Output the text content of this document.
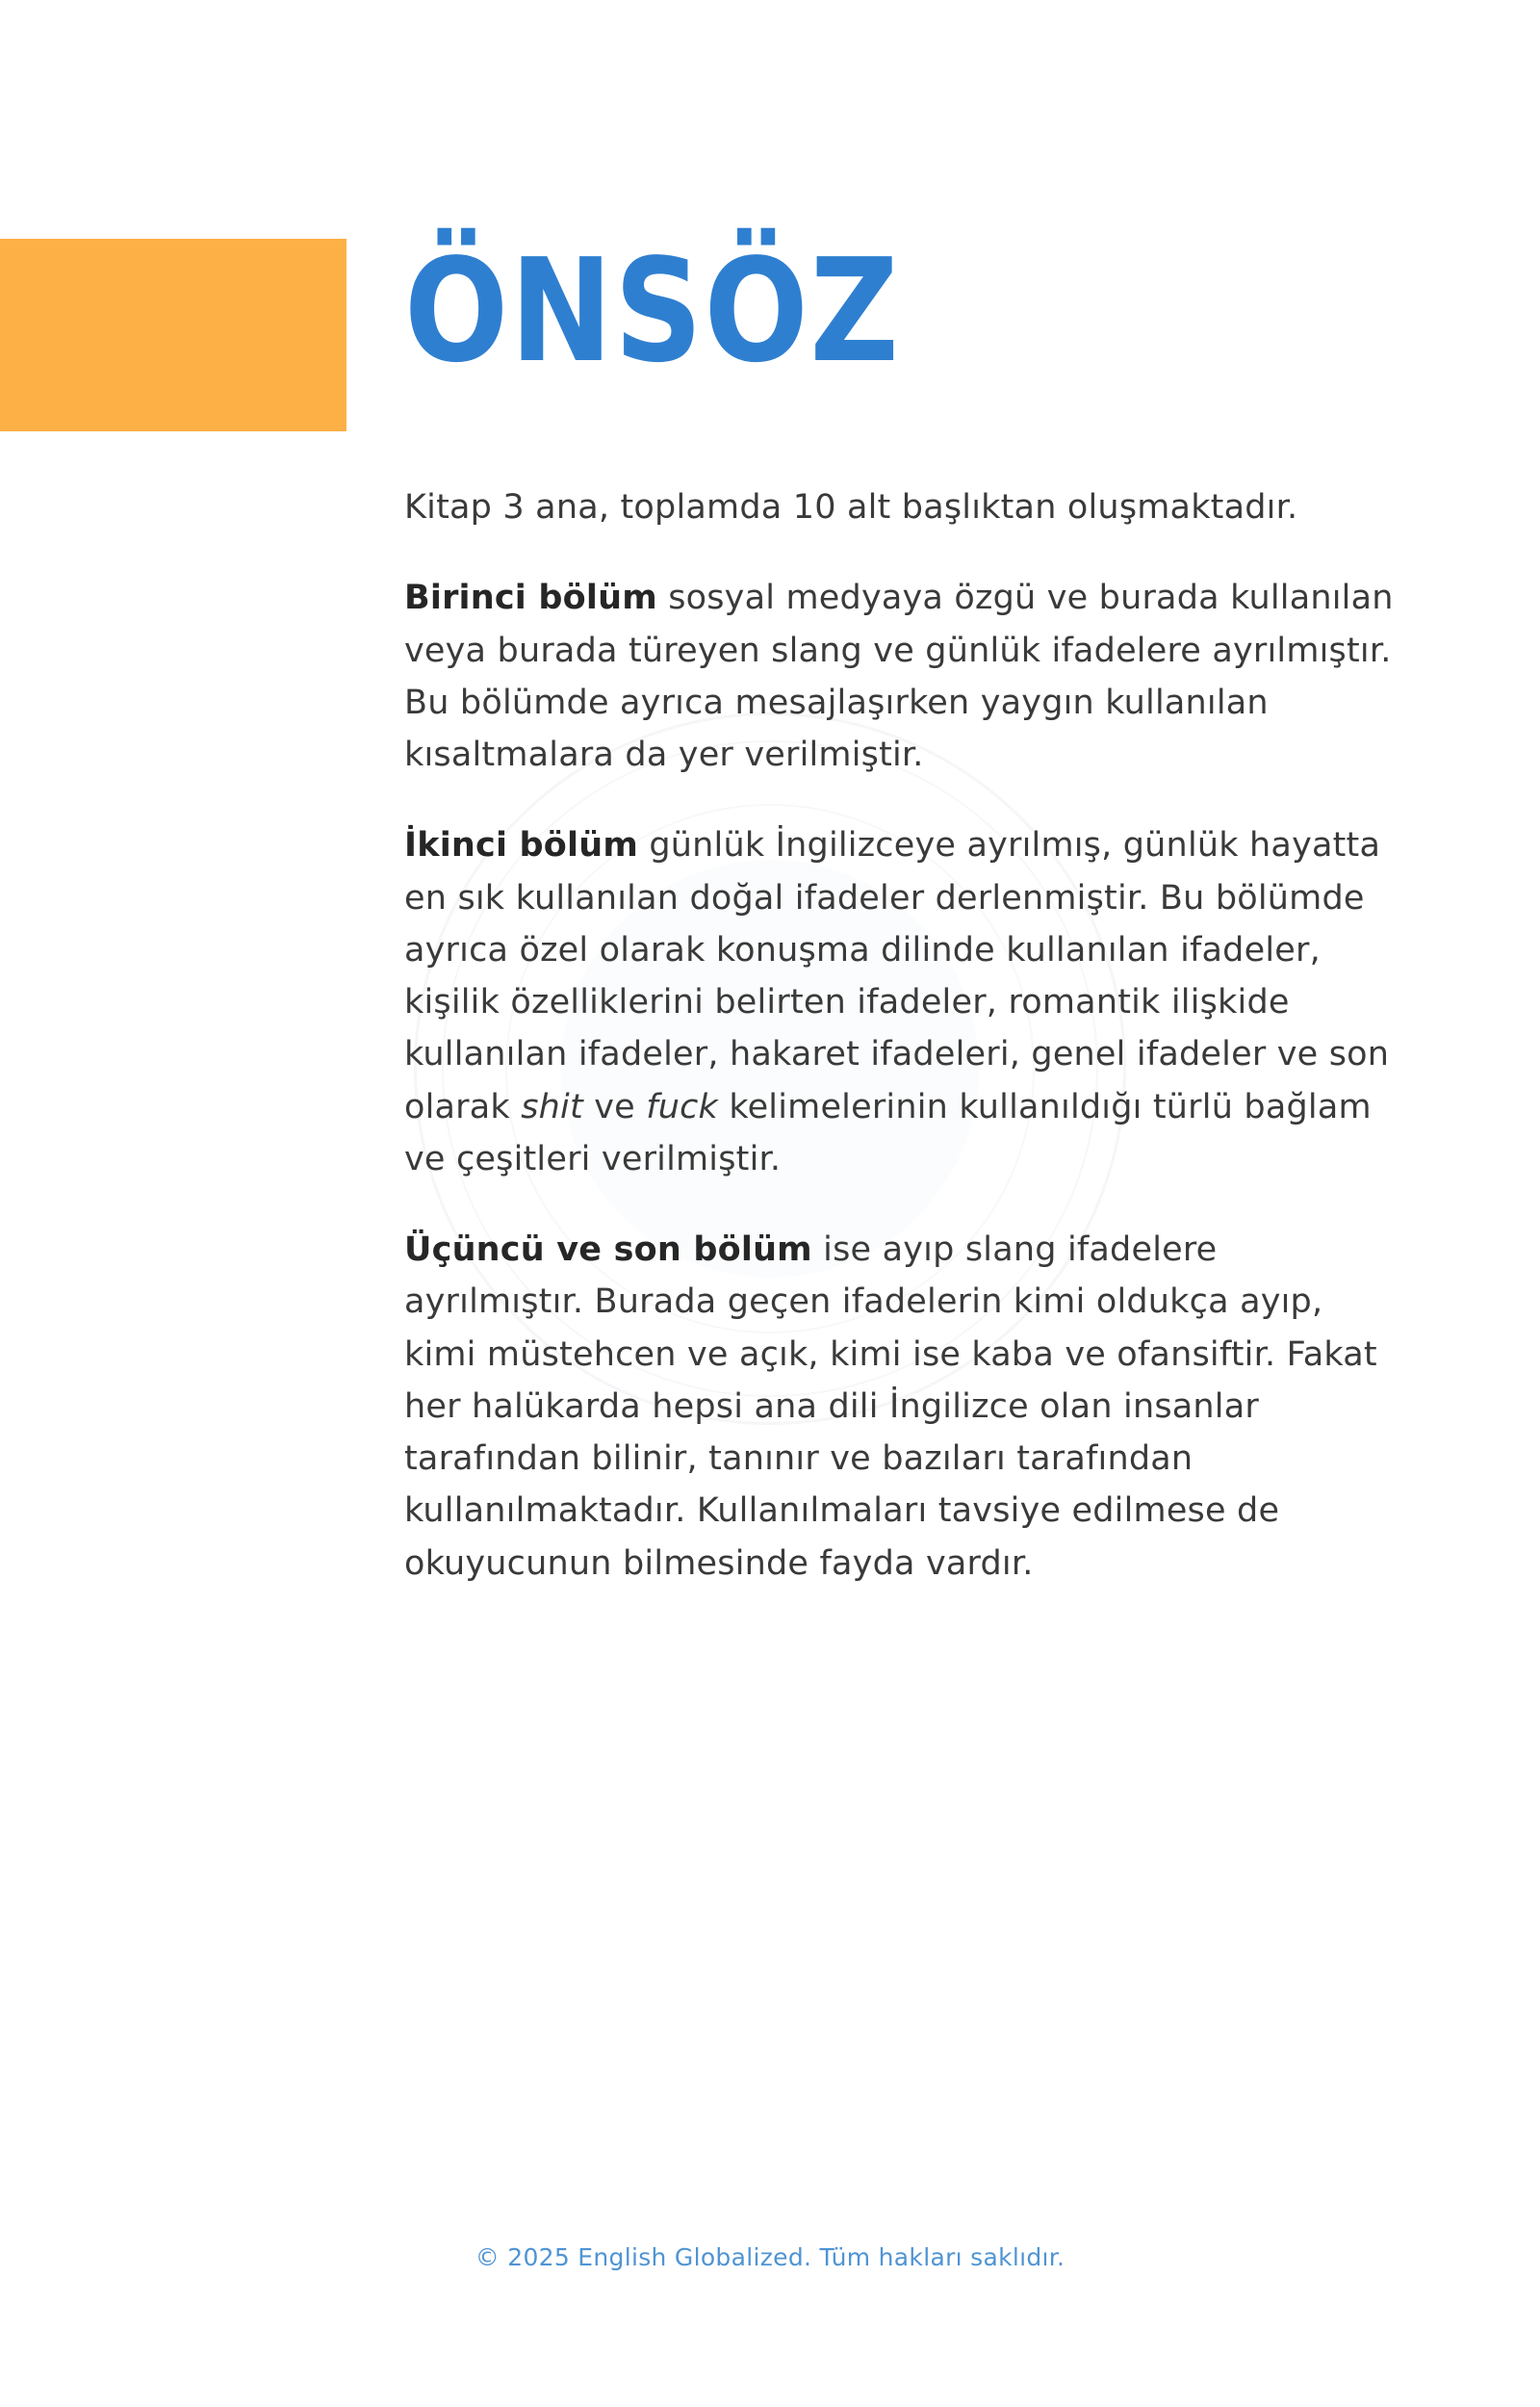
ÖNSÖZ

Kitap 3 ana, toplamda 10 alt başlıktan oluşmaktadır.

Birinci bölüm sosyal medyaya özgü ve burada kullanılan veya burada türeyen slang ve günlük ifadelere ayrılmıştır. Bu bölümde ayrıca mesajlaşırken yaygın kullanılan kısaltmalara da yer verilmiştir.

İkinci bölüm günlük İngilizceye ayrılmış, günlük hayatta en sık kullanılan doğal ifadeler derlenmiştir. Bu bölümde ayrıca özel olarak konuşma dilinde kullanılan ifadeler, kişilik özelliklerini belirten ifadeler, romantik ilişkide kullanılan ifadeler, hakaret ifadeleri, genel ifadeler ve son olarak shit ve fuck kelimelerinin kullanıldığı türlü bağlam ve çeşitleri verilmiştir.

Üçüncü ve son bölüm ise ayıp slang ifadelere ayrılmıştır. Burada geçen ifadelerin kimi oldukça ayıp, kimi müstehcen ve açık, kimi ise kaba ve ofansiftir. Fakat her halükarda hepsi ana dili İngilizce olan insanlar tarafından bilinir, tanınır ve bazıları tarafından kullanılmaktadır. Kullanılmaları tavsiye edilmese de okuyucunun bilmesinde fayda vardır.

© 2025 English Globalized. Tüm hakları saklıdır.
